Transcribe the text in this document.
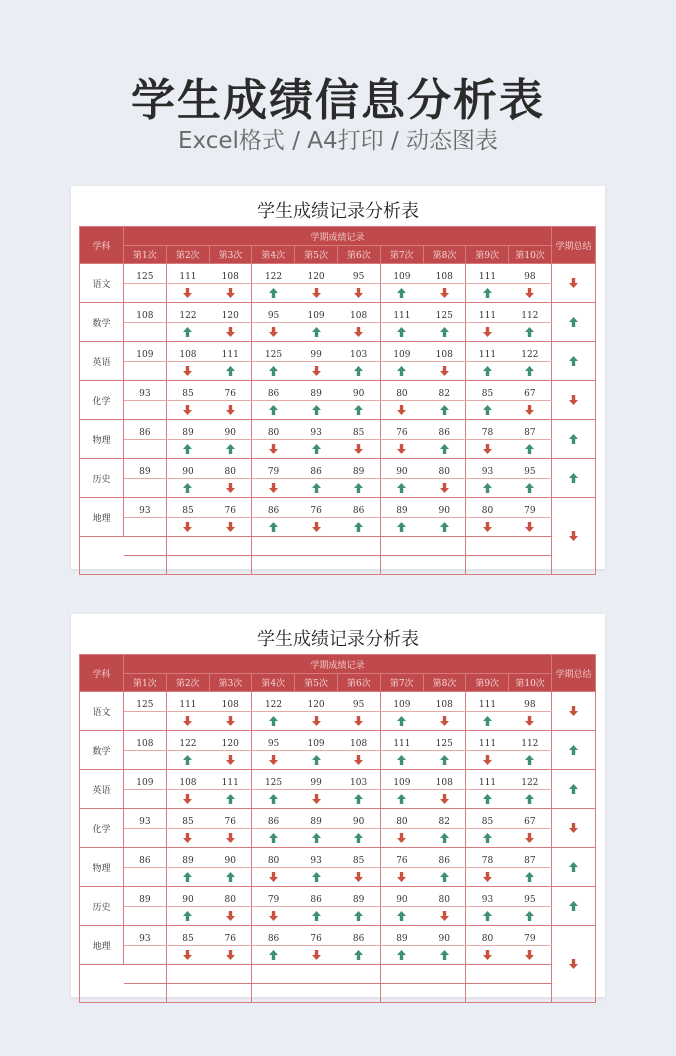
学生成绩信息分析表
Excel格式 / A4打印 / 动态图表
学生成绩记录分析表
学科	学期成绩记录										学期总结
	第1次	第2次	第3次	第4次	第5次	第6次	第7次	第8次	第9次	第10次	
语文	125	111	108	122	120	95	109	108	111	98	

数学	108	122	120	95	109	108	111	125	111	112	

英语	109	108	111	125	99	103	109	108	111	122	

化学	93	85	76	86	89	90	80	82	85	67	

物理	86	89	90	80	93	85	76	86	78	87	

历史	89	90	80	79	86	89	90	80	93	95	

地理	93	85	76	86	76	86	89	90	80	79	

学生成绩记录分析表
学科	学期成绩记录										学期总结
	第1次	第2次	第3次	第4次	第5次	第6次	第7次	第8次	第9次	第10次	
语文	125	111	108	122	120	95	109	108	111	98	

数学	108	122	120	95	109	108	111	125	111	112	

英语	109	108	111	125	99	103	109	108	111	122	

化学	93	85	76	86	89	90	80	82	85	67	

物理	86	89	90	80	93	85	76	86	78	87	

历史	89	90	80	79	86	89	90	80	93	95	

地理	93	85	76	86	76	86	89	90	80	79	
